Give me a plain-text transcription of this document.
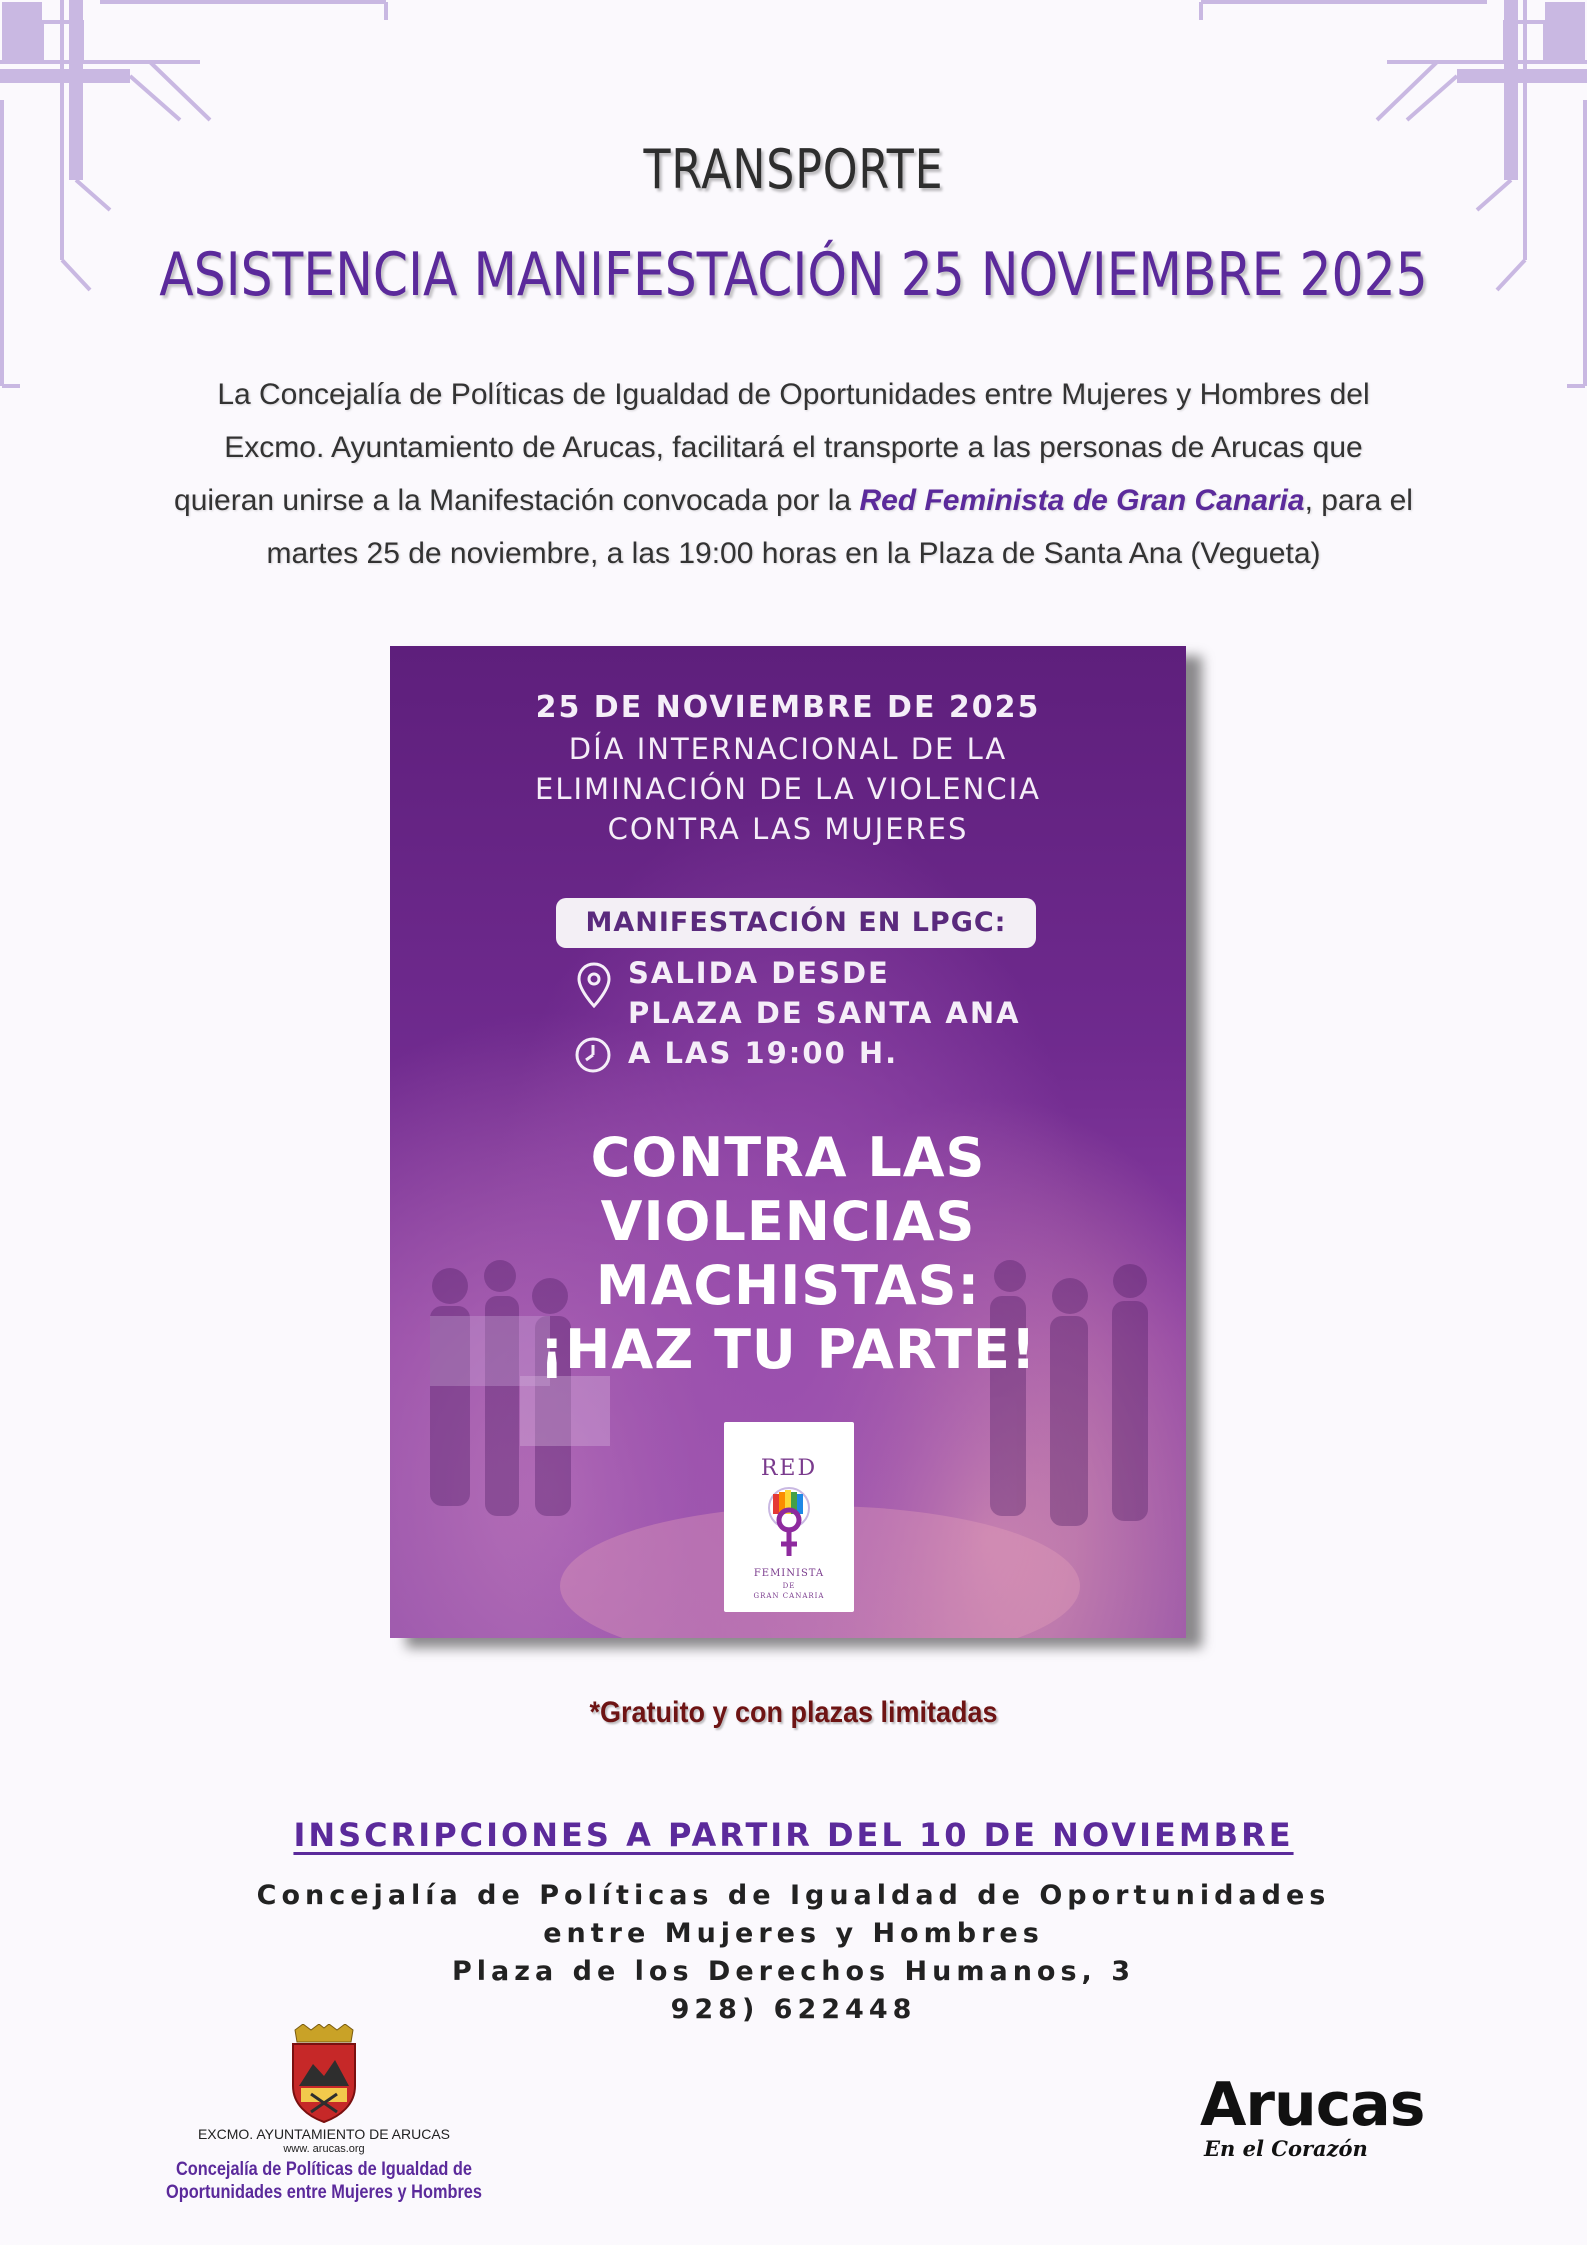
TRANSPORTE
ASISTENCIA MANIFESTACIÓN 25 NOVIEMBRE 2025
La Concejalía de Políticas de Igualdad de Oportunidades entre Mujeres y Hombres del
Excmo. Ayuntamiento de Arucas, facilitará el transporte a las personas de Arucas que
quieran unirse a la Manifestación convocada por la Red Feminista de Gran Canaria, para el
martes 25 de noviembre, a las 19:00 horas en la Plaza de Santa Ana (Vegueta)
25 DE NOVIEMBRE DE 2025
DÍA INTERNACIONAL DE LA
ELIMINACIÓN DE LA VIOLENCIA
CONTRA LAS MUJERES
MANIFESTACIÓN EN LPGC:
SALIDA DESDE
PLAZA DE SANTA ANA
A LAS 19:00 H.
CONTRA LAS
VIOLENCIAS
MACHISTAS:
¡HAZ TU PARTE!
RED
FEMINISTA
DE
GRAN CANARIA
*Gratuito y con plazas limitadas
INSCRIPCIONES A PARTIR DEL 10 DE NOVIEMBRE
Concejalía de Políticas de Igualdad de Oportunidades
entre Mujeres y Hombres
Plaza de los Derechos Humanos, 3
928) 622448
EXCMO. AYUNTAMIENTO DE ARUCAS
www. arucas.org
Concejalía de Políticas de Igualdad de
Oportunidades entre Mujeres y Hombres
Arucas
En el Corazón
